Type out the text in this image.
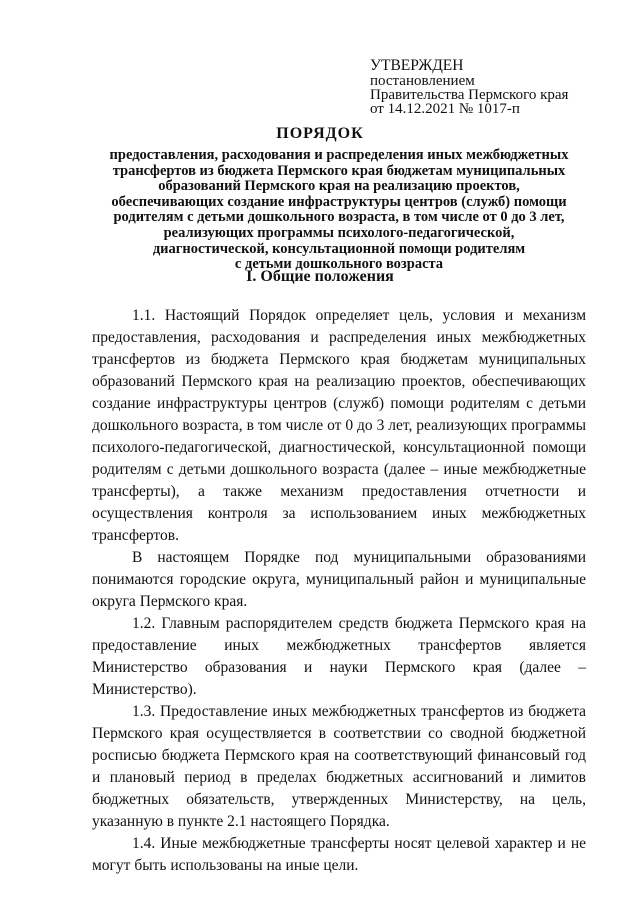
УТВЕРЖДЕН
постановлением
Правительства Пермского края
от 14.12.2021 № 1017-п
ПОРЯДОК
предоставления, расходования и распределения иных межбюджетных
трансфертов из бюджета Пермского края бюджетам муниципальных
образований Пермского края на реализацию проектов,
обеспечивающих создание инфраструктуры центров (служб) помощи
родителям с детьми дошкольного возраста, в том числе от 0 до 3 лет,
реализующих программы психолого-педагогической,
диагностической, консультационной помощи родителям
с детьми дошкольного возраста
I. Общие положения

1.1. Настоящий Порядок определяет цель, условия и механизм предоставления, расходования и распределения иных межбюджетных трансфертов из бюджета Пермского края бюджетам муниципальных образований Пермского края на реализацию проектов, обеспечивающих создание инфраструктуры центров (служб) помощи родителям с детьми дошкольного возраста, в том числе от 0 до 3 лет, реализующих программы психолого-педагогической, диагностической, консультационной помощи родителям с детьми дошкольного возраста (далее – иные межбюджетные трансферты), а также механизм предоставления отчетности и осуществления контроля за использованием иных межбюджетных трансфертов.

В настоящем Порядке под муниципальными образованиями понимаются городские округа, муниципальный район и муниципальные округа Пермского края.

1.2. Главным распорядителем средств бюджета Пермского края на предоставление иных межбюджетных трансфертов является Министерство образования и науки Пермского края (далее – Министерство).

1.3. Предоставление иных межбюджетных трансфертов из бюджета Пермского края осуществляется в соответствии со сводной бюджетной росписью бюджета Пермского края на соответствующий финансовый год и плановый период в пределах бюджетных ассигнований и лимитов бюджетных обязательств, утвержденных Министерству, на цель, указанную в пункте 2.1 настоящего Порядка.

1.4. Иные межбюджетные трансферты носят целевой характер и не могут быть использованы на иные цели.
